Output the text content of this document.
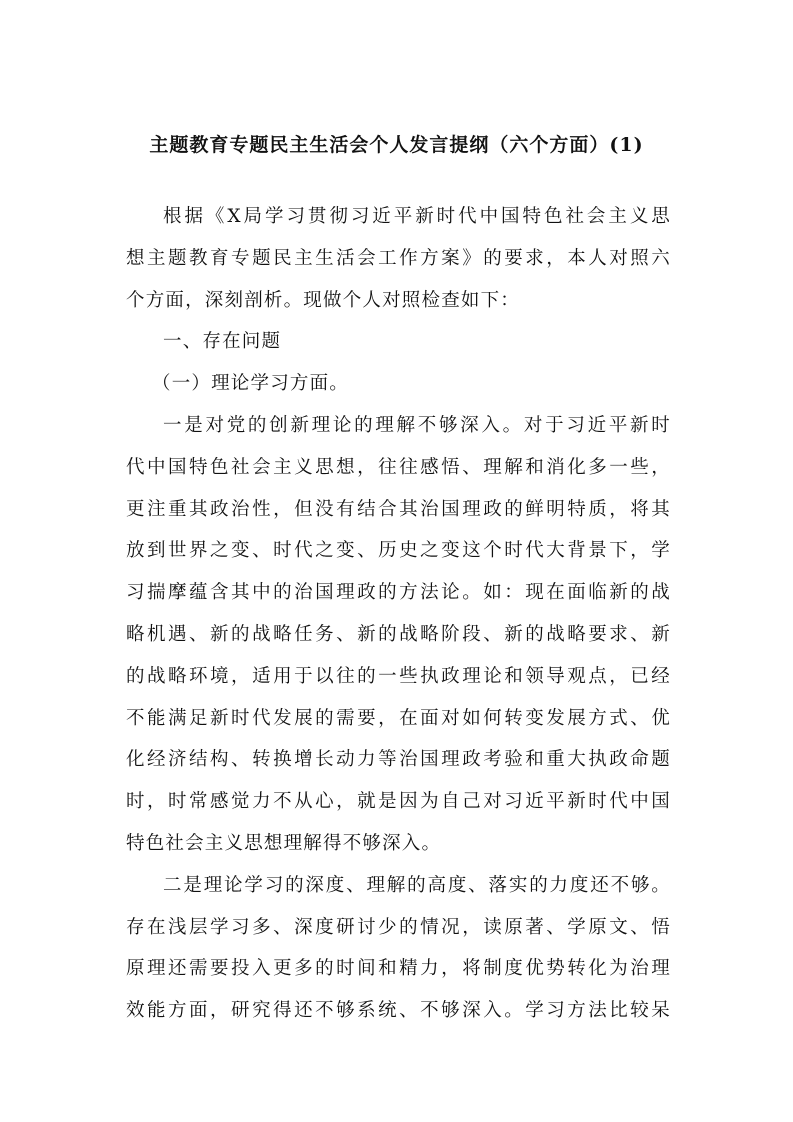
主题教育专题民主生活会个人发言提纲（六个方面）(1)
根据《X局学习贯彻习近平新时代中国特色社会主义思
想主题教育专题民主生活会工作方案》的要求，本人对照六
个方面，深刻剖析。现做个人对照检查如下：
一、存在问题
（一）理论学习方面。
一是对党的创新理论的理解不够深入。对于习近平新时
代中国特色社会主义思想，往往感悟、理解和消化多一些，
更注重其政治性，但没有结合其治国理政的鲜明特质，将其
放到世界之变、时代之变、历史之变这个时代大背景下，学
习揣摩蕴含其中的治国理政的方法论。如：现在面临新的战
略机遇、新的战略任务、新的战略阶段、新的战略要求、新
的战略环境，适用于以往的一些执政理论和领导观点，已经
不能满足新时代发展的需要，在面对如何转变发展方式、优
化经济结构、转换增长动力等治国理政考验和重大执政命题
时，时常感觉力不从心，就是因为自己对习近平新时代中国
特色社会主义思想理解得不够深入。
二是理论学习的深度、理解的高度、落实的力度还不够。
存在浅层学习多、深度研讨少的情况，读原著、学原文、悟
原理还需要投入更多的时间和精力，将制度优势转化为治理
效能方面，研究得还不够系统、不够深入。学习方法比较呆
